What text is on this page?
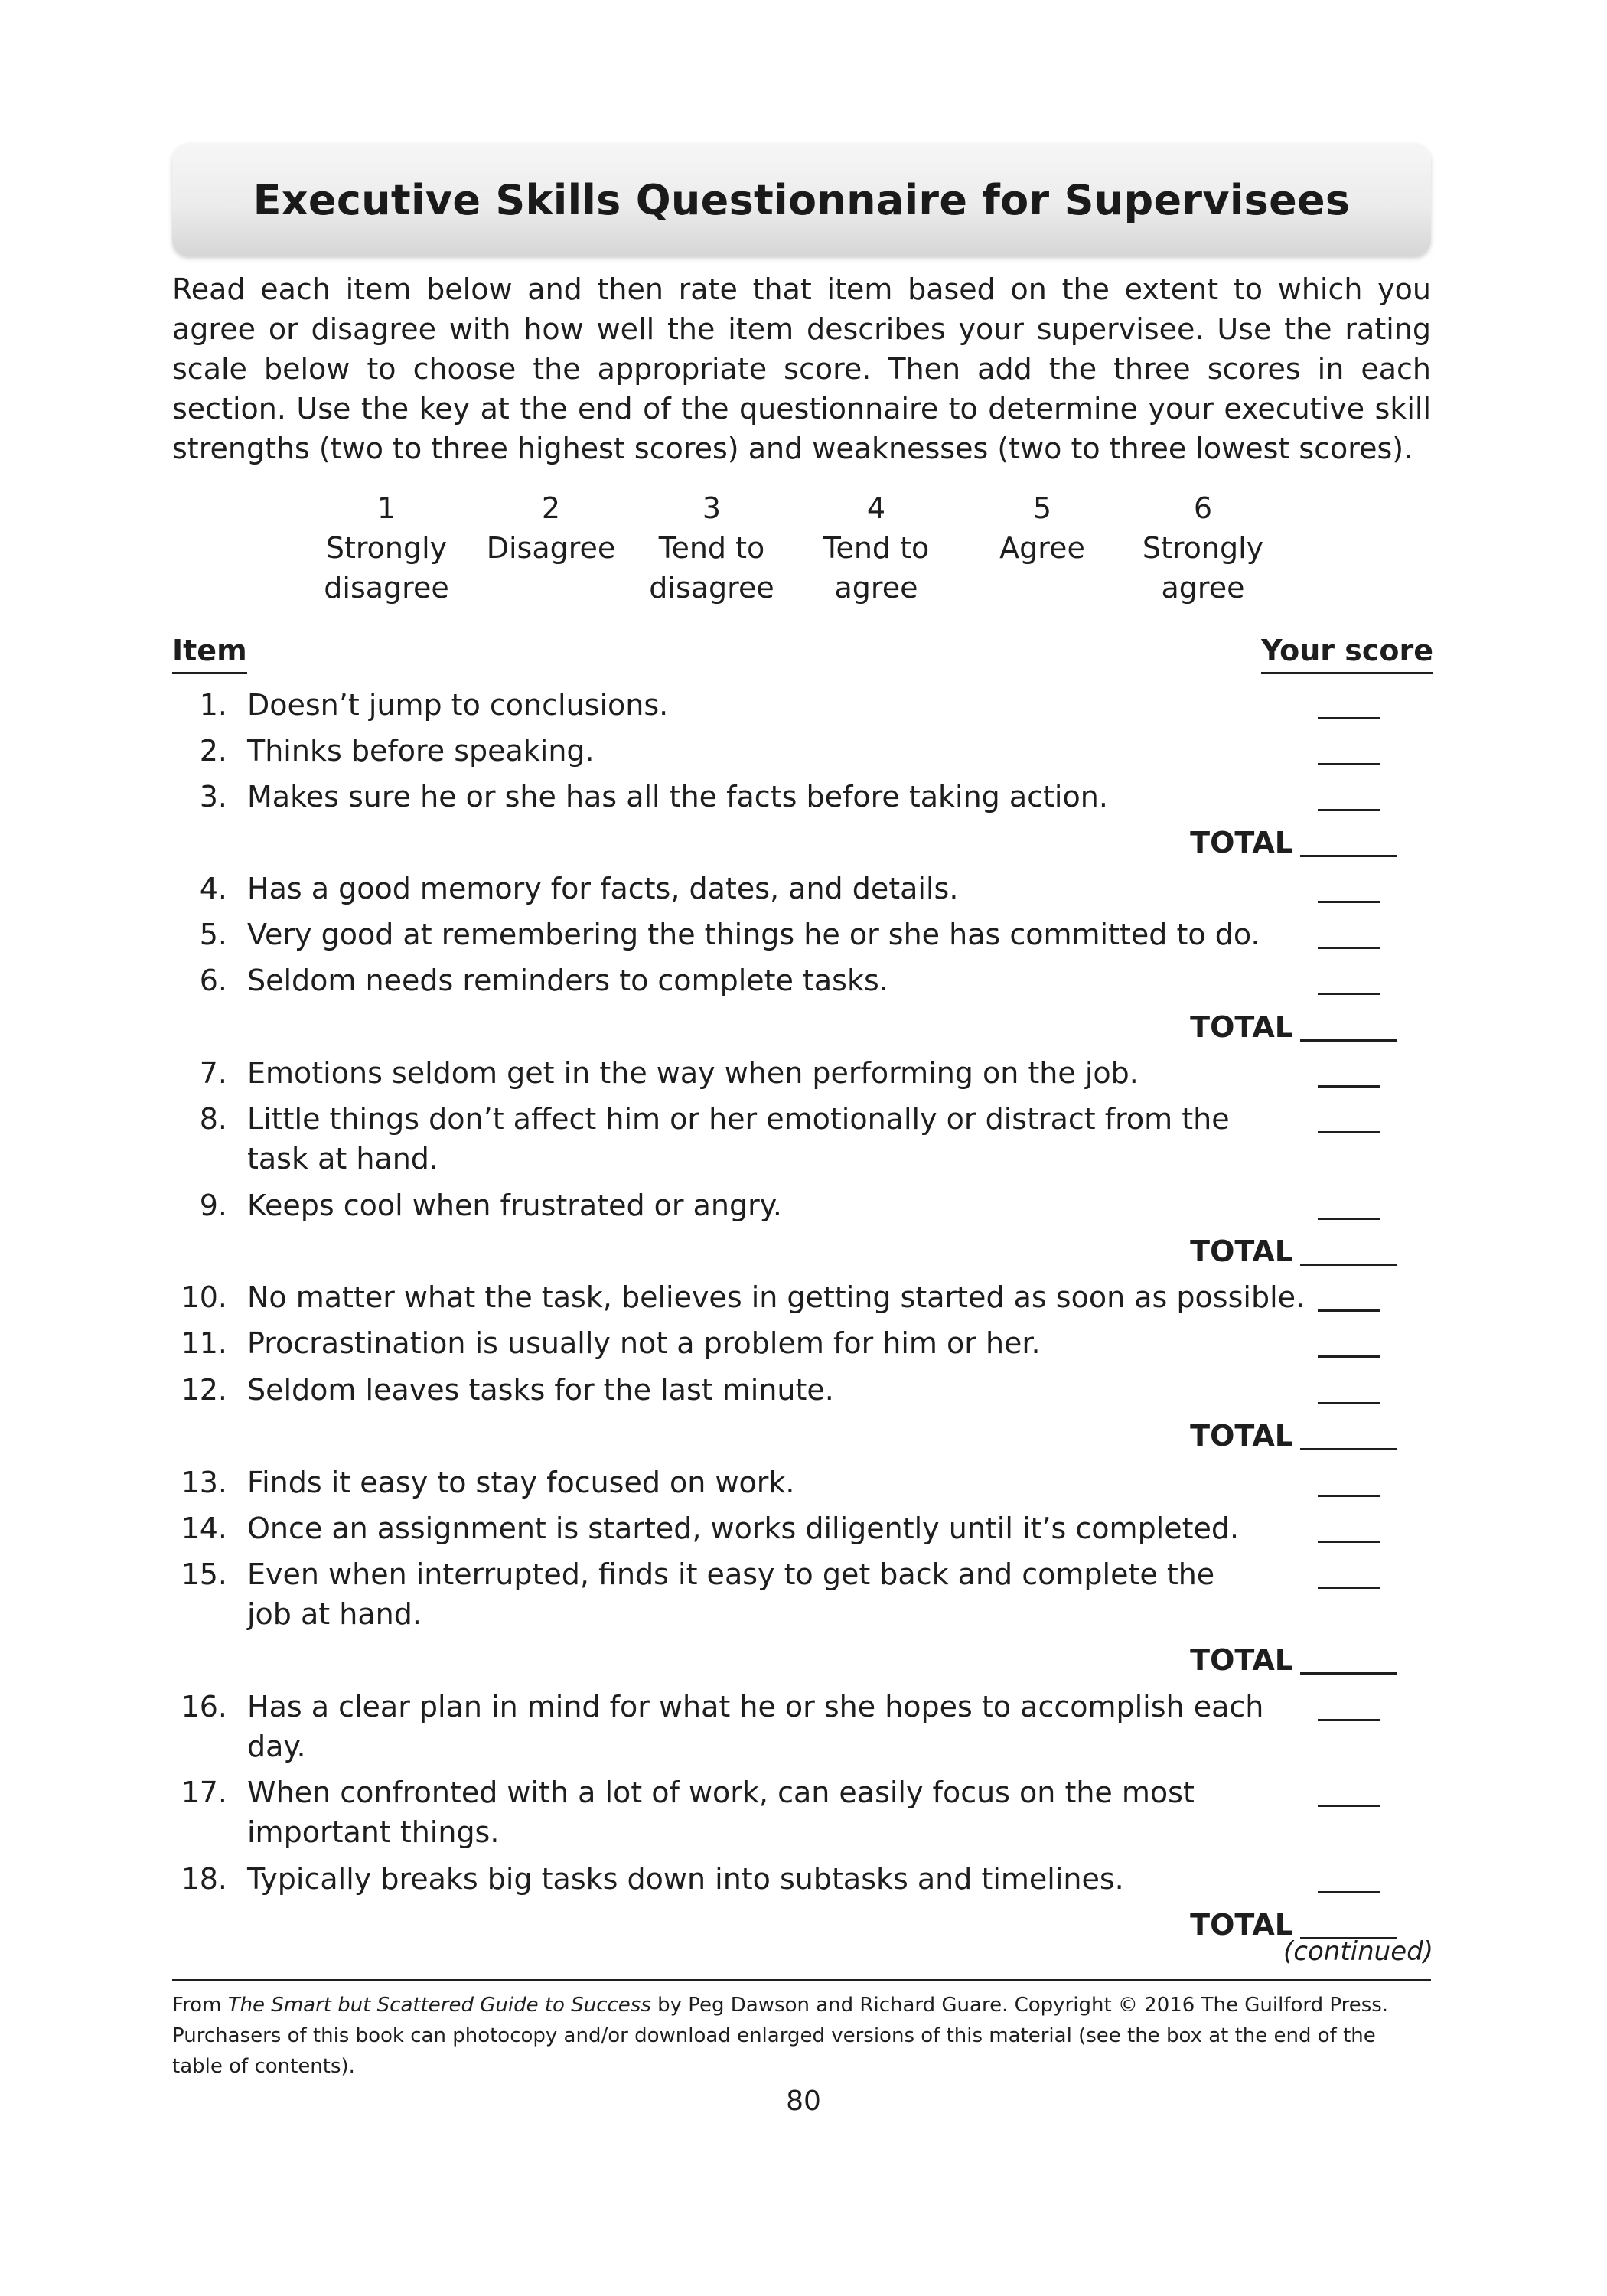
Executive Skills Questionnaire for Supervisees

Read each item below and then rate that item based on the extent to which you agree or disagree with how well the item describes your supervisee. Use the rating scale below to choose the appropriate score. Then add the three scores in each section. Use the key at the end of the questionnaire to determine your executive skill strengths (two to three highest scores) and weaknesses (two to three lowest scores).

1
Strongly
disagree
2
Disagree
3
Tend to
disagree
4
Tend to
agree
5
Agree
6
Strongly
agree
Item	Your score
1. Doesn’t jump to conclusions.
2. Thinks before speaking.
3. Makes sure he or she has all the facts before taking action.
TOTAL
4. Has a good memory for facts, dates, and details.
5. Very good at remembering the things he or she has committed to do.
6. Seldom needs reminders to complete tasks.
TOTAL
7. Emotions seldom get in the way when performing on the job.
8. Little things don’t affect him or her emotionally or distract from the task at hand.
9. Keeps cool when frustrated or angry.
TOTAL
10. No matter what the task, believes in getting started as soon as possible.
11. Procrastination is usually not a problem for him or her.
12. Seldom leaves tasks for the last minute.
TOTAL
13. Finds it easy to stay focused on work.
14. Once an assignment is started, works diligently until it’s completed.
15. Even when interrupted, finds it easy to get back and complete the job at hand.
TOTAL
16. Has a clear plan in mind for what he or she hopes to accomplish each day.
17. When confronted with a lot of work, can easily focus on the most important things.
18. Typically breaks big tasks down into subtasks and timelines.
TOTAL
(continued)

From The Smart but Scattered Guide to Success by Peg Dawson and Richard Guare. Copyright © 2016 The Guilford Press. Purchasers of this book can photocopy and/or download enlarged versions of this material (see the box at the end of the table of contents).

80
